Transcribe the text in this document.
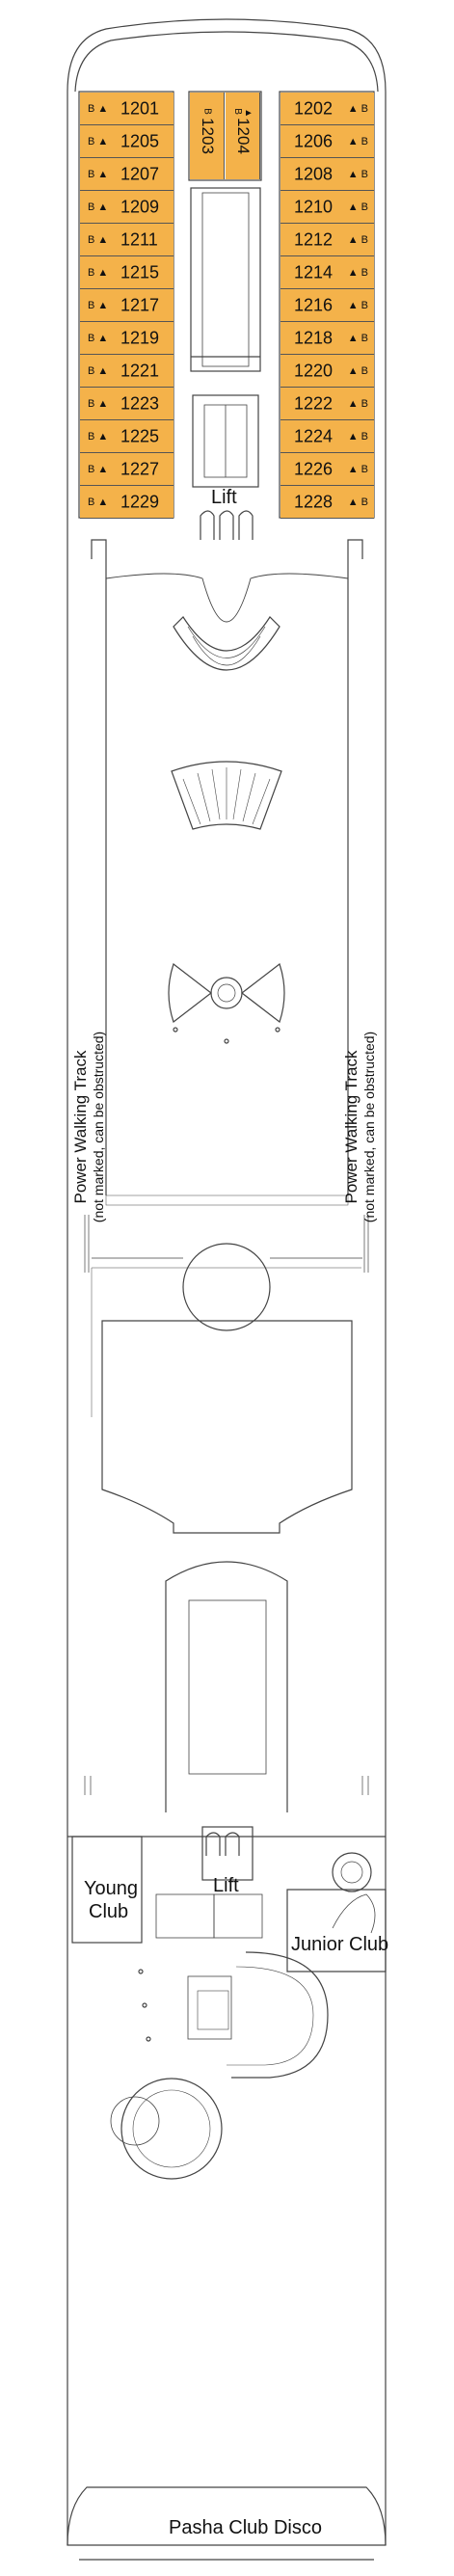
B ▲ 1201
B ▲ 1205
B ▲ 1207
B ▲ 1209
B ▲ 1211
B ▲ 1215
B ▲ 1217
B ▲ 1219
B ▲ 1221
B ▲ 1223
B ▲ 1225
B ▲ 1227
B ▲ 1229
▲ B
1202
▲ B
1206
▲ B
1208
▲ B
1210
▲ B
1212
▲ B
1214
▲ B
1216
▲ B
1218
▲ B
1220
▲ B
1222
▲ B
1224
▲ B
1226
▲ B
1228
1203
B
1204
▲ B
Lift
Lift
Young
Club
Junior Club
Pasha Club Disco
Power Walking Track (not marked, can be obstructed)	Power Walking Track (not marked, can be obstructed)
